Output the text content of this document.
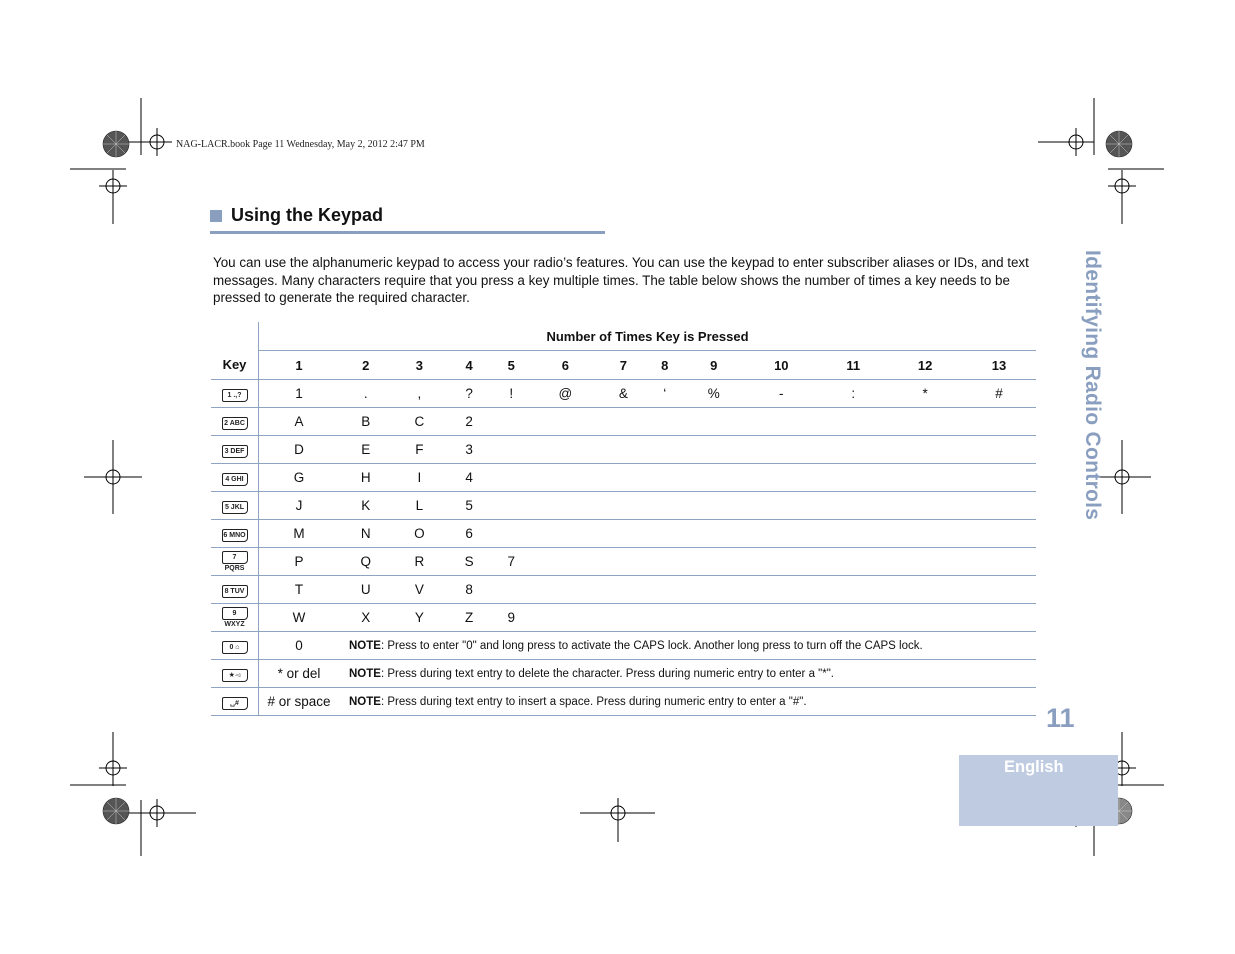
NAG-LACR.book Page 11 Wednesday, May 2, 2012 2:47 PM
Using the Keypad
You can use the alphanumeric keypad to access your radio’s features. You can use the keypad to enter subscriber aliases or IDs, and text messages. Many characters require that you press a key multiple times. The table below shows the number of times a key needs to be pressed to generate the required character.
	Number of Times Key is Pressed												
Key	1	2	3	4	5	6	7	8	9	10	11	12	13
1 .,?	1	.	,	?	!	@	&	‘	%	-	:	*	#
2 ABC	A	B	C	2									
3 DEF	D	E	F	3									
4 GHI	G	H	I	4									
5 JKL	J	K	L	5									
6 MNO	M	N	O	6									
7 PQRS	P	Q	R	S	7								
8 TUV	T	U	V	8									
9 WXYZ	W	X	Y	Z	9								
0 ⌂	0	NOTE: Press to enter "0" and long press to activate the CAPS lock. Another long press to turn off the CAPS lock.											
★◅	* or del	NOTE: Press during text entry to delete the character. Press during numeric entry to enter a "*".											
␣#	# or space	NOTE: Press during text entry to insert a space. Press during numeric entry to enter a "#".											
Identifying Radio Controls
11
English
